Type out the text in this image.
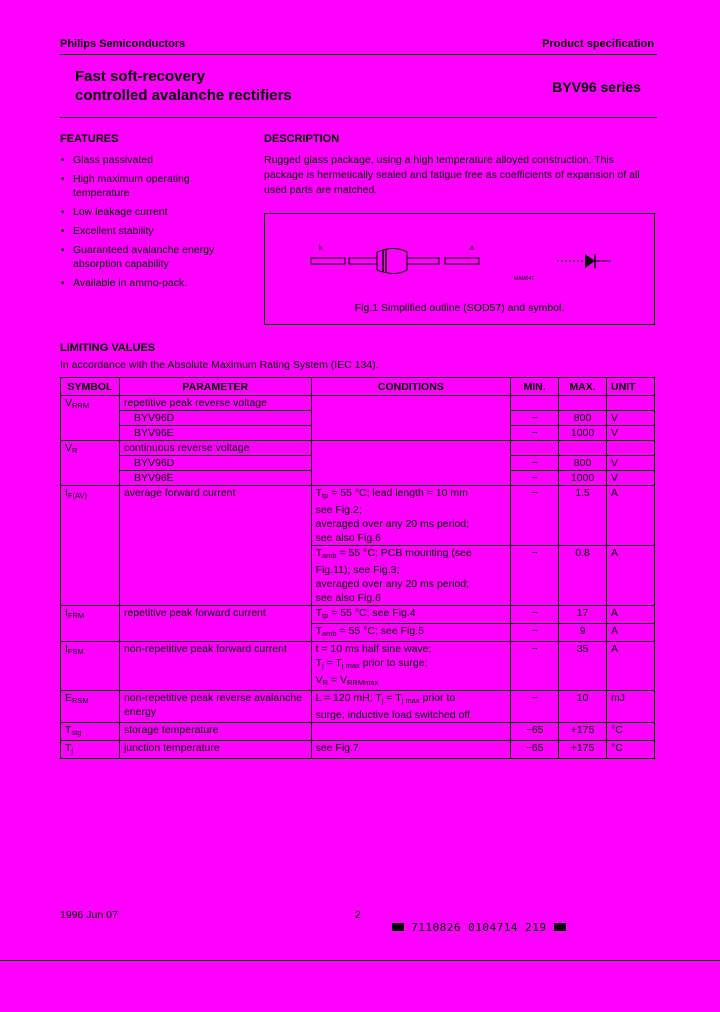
Philips Semiconductors	Product specification
Fast soft-recovery
controlled avalanche rectifiers	BYV96 series
FEATURES
• Glass passivated
• High maximum operating temperature
• Low leakage current
• Excellent stability
• Guaranteed avalanche energy absorption capability
• Available in ammo-pack.
DESCRIPTION
Rugged glass package, using a high temperature alloyed construction. This package is hermetically sealed and fatigue free as coefficients of expansion of all used parts are matched.
k	a
MAM047
Fig.1 Simplified outline (SOD57) and symbol.
LIMITING VALUES
In accordance with the Absolute Maximum Rating System (IEC 134).
SYMBOL	PARAMETER	CONDITIONS	MIN.	MAX.	UNIT
$V_{RRM}$	repetitive peak reverse voltage				
	BYV96D		−	800	V
	BYV96E		−	1000	V
$V_R$	continuous reverse voltage				
	BYV96D		−	800	V
	BYV96E		−	1000	V
$I_{F(AV)}$	average forward current	$T_{tp} = 55$ °C; lead length = 10 mm
see Fig.2;
averaged over any 20 ms period;
see also Fig.6	−	1.5	A

		$T_{amb} = 55$ °C; PCB mounting (see
Fig.11); see Fig.3;
averaged over any 20 ms period;
see also Fig.6	−	0.8	A
$I_{FRM}$	repetitive peak forward current	$T_{tp} = 55$ °C; see Fig.4	−	17	A
		$T_{amb} = 55$ °C; see Fig.5	−	9	A
$I_{FSM}$	non-repetitive peak forward current	t = 10 ms half sine wave;
$T_j = T_{j max}$ prior to surge;
$V_R = V_{RRMmax}$	−	35	A
$E_{RSM}$	non-repetitive peak reverse avalanche energy	L = 120 mH; $T_j = T_{j max}$ prior to
surge; inductive load switched off	−	10	mJ
$T_{stg}$	storage temperature		−65	+175	°C
$T_j$	junction temperature	see Fig.7	−65	+175	°C
1996 Jun 07	2
7110826 0104714 219
